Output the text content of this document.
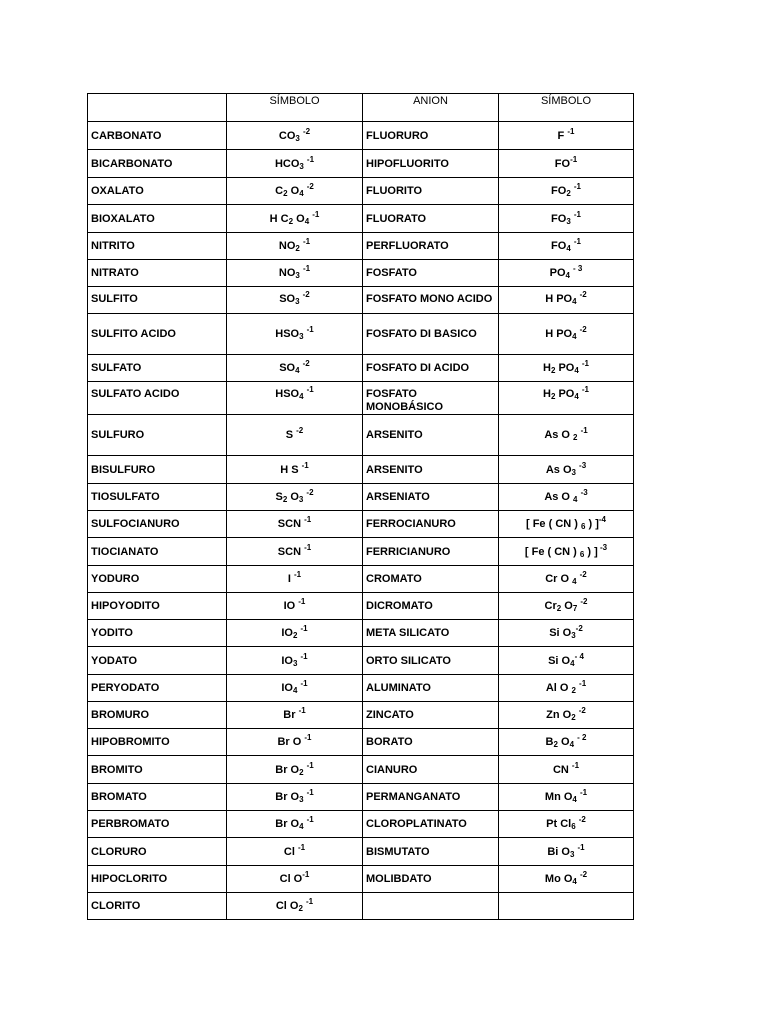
	SÍMBOLO	ANION	SÍMBOLO
CARBONATO	$CO_3$ $^{-2}$	FLUORURO	F $^{-1}$
BICARBONATO	$HCO_3$ $^{-1}$	HIPOFLUORITO	$FO^{-1}$
OXALATO	$C_2$ $O_4$ $^{-2}$	FLUORITO	$FO_2$ $^{-1}$
BIOXALATO	H $C_2$ $O_4$ $^{-1}$	FLUORATO	$FO_3$ $^{-1}$
NITRITO	$NO_2$ $^{-1}$	PERFLUORATO	$FO_4$ $^{-1}$
NITRATO	$NO_3$ $^{-1}$	FOSFATO	$PO_4$ $^{- 3}$
SULFITO	$SO_3$ $^{-2}$	FOSFATO MONO ACIDO	H $PO_4$ $^{-2}$
SULFITO ACIDO	$HSO_3$ $^{-1}$	FOSFATO DI BASICO	H $PO_4$ $^{-2}$
SULFATO	$SO_4$ $^{-2}$	FOSFATO DI ACIDO	$H_2$ $PO_4$ $^{-1}$
SULFATO ACIDO	$HSO_4$ $^{-1}$	FOSFATO MONOBÁSICO	$H_2$ $PO_4$ $^{-1}$
SULFURO	S $^{-2}$	ARSENITO	As O $_2$ $^{-1}$
BISULFURO	H S $^{-1}$	ARSENITO	As $O_3$ $^{-3}$
TIOSULFATO	$S_2$ $O_3$ $^{-2}$	ARSENIATO	As O $_4$ $^{-3}$
SULFOCIANURO	SCN $^{-1}$	FERROCIANURO	[ Fe ( CN ) $_6$ ) ]$^{-4}$
TIOCIANATO	SCN $^{-1}$	FERRICIANURO	[ Fe ( CN ) $_6$ ) ] $^{-3}$
YODURO	I $^{-1}$	CROMATO	Cr O $_4$ $^{-2}$
HIPOYODITO	IO $^{-1}$	DICROMATO	$Cr_2$ $O_7$ $^{-2}$
YODITO	$IO_2$ $^{-1}$	META SILICATO	Si $O_3^{-2}$
YODATO	$IO_3$ $^{-1}$	ORTO SILICATO	Si $O_4^{- 4}$
PERYODATO	$IO_4$ $^{-1}$	ALUMINATO	Al O $_2$ $^{-1}$
BROMURO	Br $^{-1}$	ZINCATO	Zn $O_2$ $^{-2}$
HIPOBROMITO	Br O $^{-1}$	BORATO	$B_2$ $O_4$ $^{- 2}$
BROMITO	Br $O_2$ $^{-1}$	CIANURO	CN $^{-1}$
BROMATO	Br $O_3$ $^{-1}$	PERMANGANATO	Mn $O_4$ $^{-1}$
PERBROMATO	Br $O_4$ $^{-1}$	CLOROPLATINATO	Pt $Cl_6$ $^{-2}$
CLORURO	Cl $^{-1}$	BISMUTATO	Bi $O_3$ $^{-1}$
HIPOCLORITO	Cl $O^{-1}$	MOLIBDATO	Mo $O_4$ $^{-2}$
CLORITO	Cl $O_2$ $^{-1}$		
